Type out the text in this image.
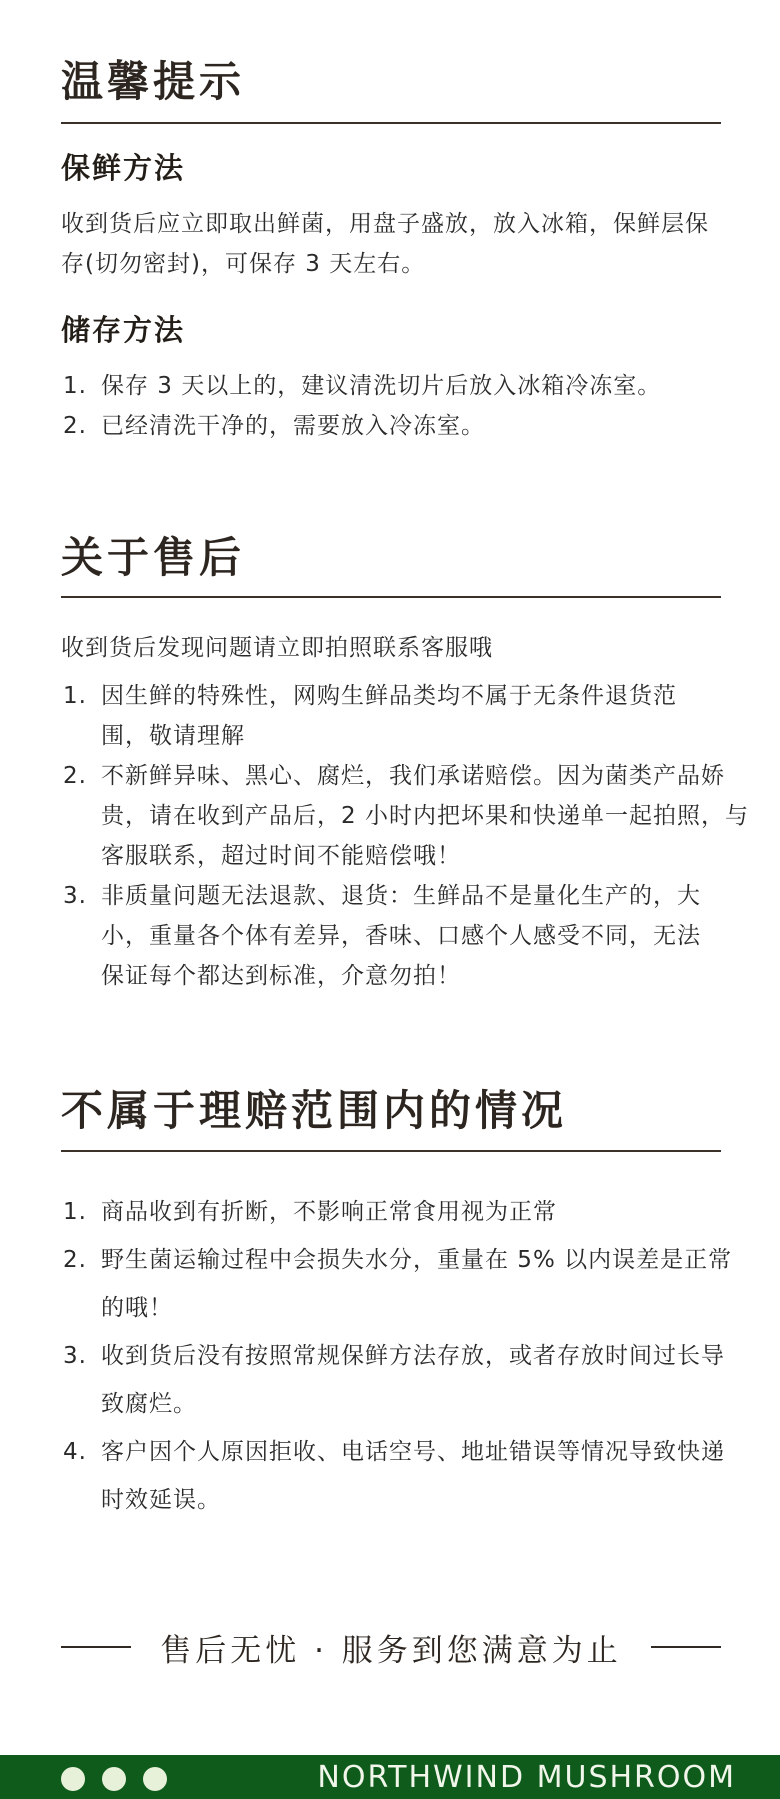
温馨提示
保鲜方法
收到货后应立即取出鲜菌，用盘子盛放，放入冰箱，保鲜层保存(切勿密封)，可保存 3 天左右。
储存方法
1. 保存 3 天以上的，建议清洗切片后放入冰箱冷冻室。
2. 已经清洗干净的，需要放入冷冻室。
关于售后
收到货后发现问题请立即拍照联系客服哦
1. 因生鲜的特殊性，网购生鲜品类均不属于无条件退货范围，敬请理解
2. 不新鲜异味、黑心、腐烂，我们承诺赔偿。因为菌类产品娇贵，请在收到产品后，2 小时内把坏果和快递单一起拍照，与客服联系，超过时间不能赔偿哦！
3. 非质量问题无法退款、退货：生鲜品不是量化生产的，大小，重量各个体有差异，香味、口感个人感受不同，无法保证每个都达到标准，介意勿拍！
不属于理赔范围内的情况
1. 商品收到有折断，不影响正常食用视为正常
2. 野生菌运输过程中会损失水分，重量在 5% 以内误差是正常的哦！
3. 收到货后没有按照常规保鲜方法存放，或者存放时间过长导致腐烂。
4. 客户因个人原因拒收、电话空号、地址错误等情况导致快递时效延误。
售后无忧 · 服务到您满意为止
NORTHWIND MUSHROOM
